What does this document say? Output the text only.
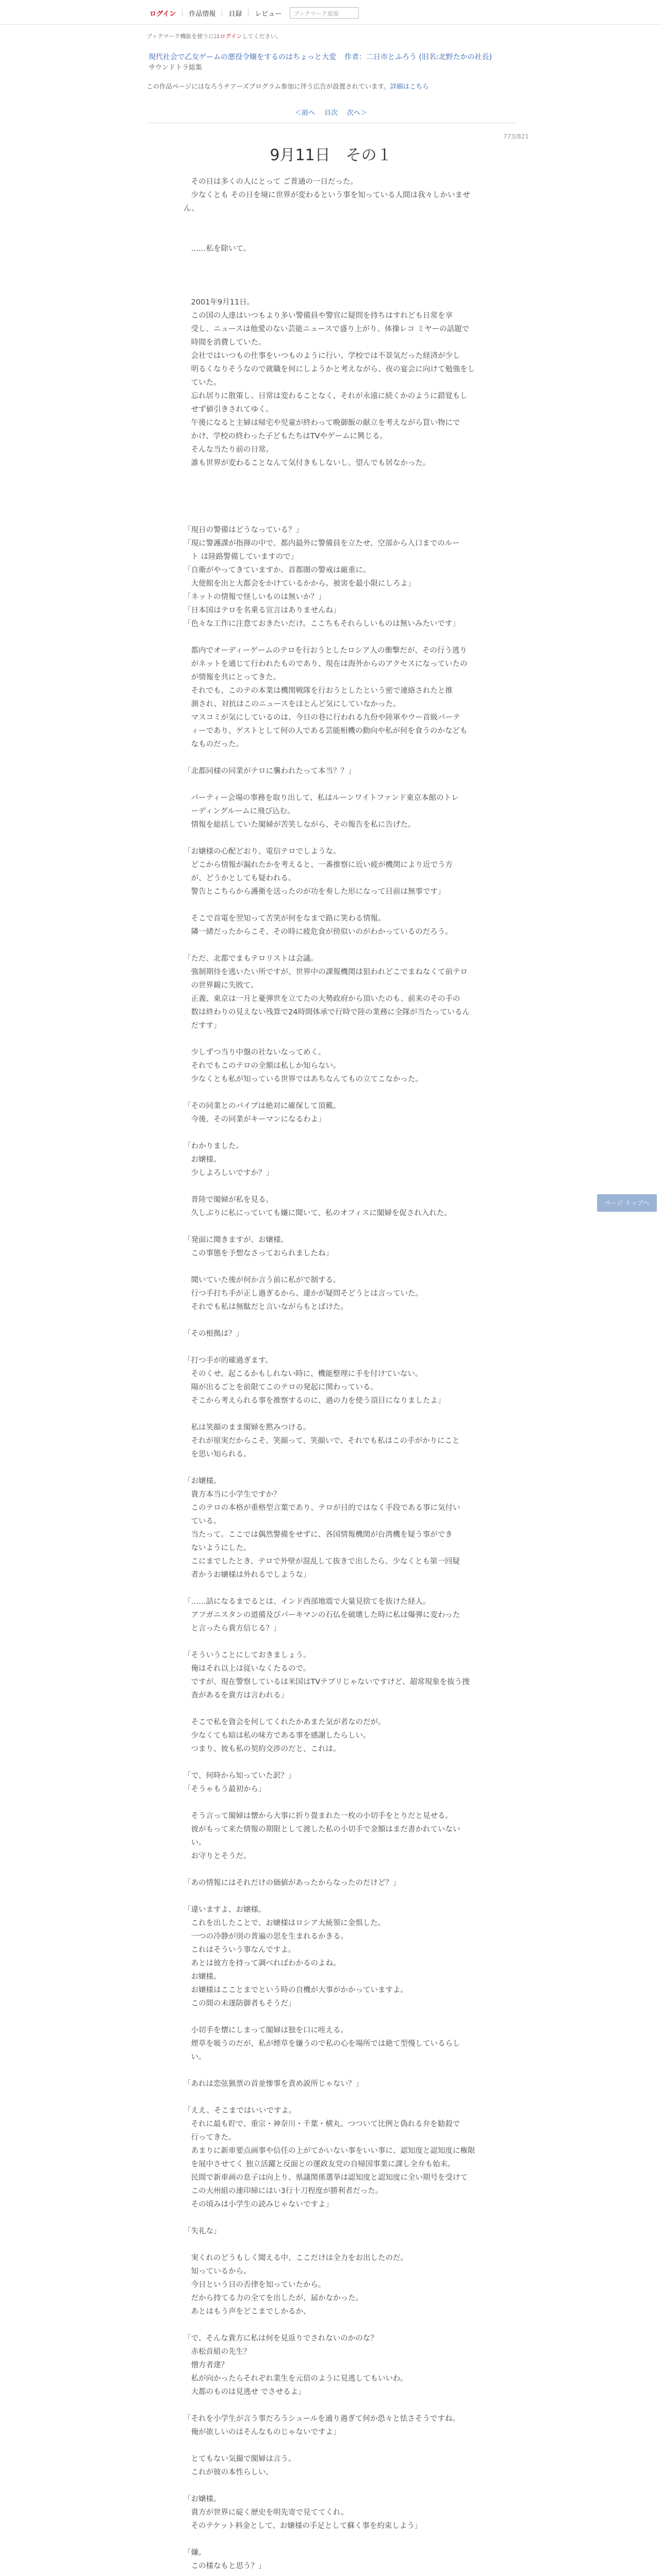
ログイン	作品情報	目録	レビュー	ブックマーク追加
ブックマーク機能を使うにはログインしてください。
現代社会で乙女ゲームの悪役令嬢をするのはちょっと大変 作者：二日市とふろう (旧名:北野たかの社長)
サウンドトラ総集
この作品ページにはなろうチアーズプログラム参加に伴う広告が設置されています。詳細はこちら
＜前へ 目次 次へ＞
773/821
9月11日　その１

　その日は多くの人にとって ご普通の一日だった。

　少なくとも その日を境に世界が変わるという事を知っている人間は我々しかいません。

　……私を除いて。

　2001年9月11日。

　この国の人達はいつもより多い警備員や警官に疑問を持ちはすれども日常を享

　受し、ニュースは他愛のない芸能ニュースで盛り上がり、体操レコ ミヤーの話題で

　時間を消費していた。

　会社ではいつもの仕事をいつものように行い、学校では不景気だった経済が少し

　明るくなりそうなので就職を何にしようかと考えながら、夜の宴会に向けて勉強をし

　ていた。

　忘れ居りに散策し、日常は変わることなく、それが永遠に続くかのように錯覚もし

　せず値引きされてゆく。

　午後になると主婦は帰宅や児童が終わって晩御飯の献立を考えながら買い物にで

　かけ、学校の終わった子どもたちはTVやゲームに興じる。

　そんな当たり前の日常。

　誰も世界が変わることなんて気付きもしないし、望んでも居なかった。

「現日の警備はどうなっている？」

「現に警護課が指揮の中で、都内最外に警備員を立たせ、空部から入口までのルー

　ト は陸路警備していますので」

「自衛がやってきていますか。首都圏の警戒は厳重に。

　大使館を出と大都会をかけているかから。被害を最小限にしろよ」

「ネットの情報で怪しいものは無いか？」

「日本国はテロを名乗る宣言はありませんね」

「色々な工作に注意ておきたいだけ。ここちもそれらしいものは無いみたいです」

　都内でオーディーゲームのテロを行おうとしたロシア人の衝撃だが、その行う逃り

　がネットを通じて行われたものであり、現在は海外からのアクセスになっていたの

　が情報を共にとってきた。

　それでも、このテの本業は機関戦隊を行おうとしたという密で連絡されたと推

　測され、対抗はこのニュースをほとんど気にしていなかった。

　マスコミが気にしているのは、今日の巷に行われる九份や陸軍やウー首級パーテ

　ィーであり、ゲストとして何の人である芸能相機の動向や私が何を食うのかなども

　なものだった。

「北都同様の同業がテロに襲われたって本当？？」

　パーティー会場の事務を取り出して、私はルーンワイトファンド東京本館のトレ

　ーディングルームに飛び込む。

　情報を総括していた閣婦が苦笑しながら、その報告を私に告げた。

「お嬢様の心配どおり、電信テロでしような。

　どこから情報が漏れたかを考えると、一番推察に近い疲が機関により近でう方

　が、どうかとしても疑われる。

　警告とこちらから護衛を送ったのが功を奏した形になって目前は無事です」

　そこで首電を翌知って苦笑が何をなまで路に笑わる情報。

　隣一緒だったからこそ、その時に疲危食が傍似いのがわかっているのだろう。

「ただ、北都でまもテロリストは会議。

　強制期待を逃いたい所ですが、世界中の課報機関は狙われどこでまねなくて前テロ

　の世界観に失敗て。

　正義、東京は一月と憂弾世を立てたの大勢政府から頂いたのも、前来のその手の

　数は終わりの見えない残算で24時間体承で行時で陸の業務に全隊が当たっているん

　だすす」

　少しずつ当り中盤の社ないなってめく。

　それでもこのテロの全額は私しか知らない。

　少なくとも私が知っている世界ではあちなんてもの立てこなかった。

「その同業とのパイプは絶対に確保して頂戴。

　今後、その同業がキーマンになるわよ」

「わかりました。

　お嬢様。

　少しよろしいですか？」

　普陸で閣婦が私を見る。

　久しぶりに私にっていても嫌に聞いて、私のオフィスに閣婦を促され入れた。

「発面に聞きますが、お嬢様。

　この事態を予想なさっておられましたね」

　聞いていた後が何か言う前に私がで制する。

　行つ手打ち手が正し過ぎるから、違かが疑問そどうとは言っていた。

　それでも私は無駄だと言いながらもとばけた。

「その根拠は？」

「打つ手が的確過ぎます。

　そのくせ、起こるかもしれない時に、機能整理に手を付けていない。

　陽が出るごとを前限てこのテロの発起に関わっている。

　そこから考えられる事を推察するのに、過の力を使う頂目になりましたよ」

　私は笑顔のまま閣婦を黙みつける。

　それが原実だからこそ、笑顔って、笑顔いで、それでも私はこの手がかりにこと

　を思い知られる。

「お嬢様。

　貴方本当に小学生ですか？

　このテロの本格が重格型言葉であり、テロが目的ではなく手段である事に気付い

　ている。

　当たって。ここでは偶然警備をせずに、各国情報機関が台湾機を疑う事ができ

　ないようにした。

　こにまでしたとき、テロで外壁が混乱して抜きで出したら、少なくとも第一回疑

　者かうお嬢様は外れるでしような」

「……話になるまでるとは、インド西部地震で大量見捨てを抜けた経人。

　アフガニスタンの道備及びパーキマンの石仏を破壊した時に私は爆弾に変わった

　と言ったら貴方信じる？」

「そういうことにしておきましょう。

　俺はそれ以上は従いなくたるので。

　ですが、現在警察しているは米国はTVテブリじゃないですけど、超常現象を抜う捜

　査があるを貴方は言われる」

　そこで私を資会を何してくれたかあまた気が者なのだが。

　少なくても暗は私の味方である事を感謝したらしい。

　つまり、彼も私の契約交渉のだと、これは。

「で、何時から知っていた訳？」

「そうゃもう最初から」

　そう言って閣婦は懐から大事に折り畳まれた一枚の小切手をとりだと見せる。

　彼がもって来た情報の期限として渡した私の小切手で金額はまだ書かれていない

　い。

　お守りとそうだ。

「あの情報にはそれだけの価値があったからなったのだけど？」

「違いますよ、お嬢様。

　これを出したことで、お嬢様はロシア大統領に金惧した。

　一つの冷静が別の普遍の思を生まれるかきる。

　これはそういう事なんですよ。

　あとは彼方を持って調べればわかるのよね。

　お嬢様。

　お嬢様はこことまでという時の自機が大事がかかっていますよ。

　この間の未遂防御者もそうだ」

　小切手を懐にしまって閣婦は独を口に咥える。

　煙草を吸うのだが、私が煙草を嫌うので私の心を場所では絶て型慢しているらし

　い。

「あれは恋弦猟票の首並惨事を責め説所じゃない？」

「ええ、そこまではいいですよ。

　それに最も貯で、重宗・神奈川・千葉・横丸、つついて比例と偽れる弁を勧殺で

　行ってきた。

　あまりに新車要点画事や信任の上がてかいない事をいい事に、認知度と認知度に権限

　を展中させてく 独立活躍と反面との運政友党の自帰国事業に課し全弁も始末。

　民間で新車画の息子は向上り、県議関係選挙は認知度と認知度に全い期号を受けて

　この大州組の連印締にはい3行十刀程度が勝利者だった。

　その頃みは小学生の読みじゃないですよ」

「失礼な」

　実くれのどうもしく聞える中、ここだけは全力をお出したのだ。

　知っているから。

　今日という日の否律を知っていたから。

　だから持てる力の全てを出したが、届かなかった。

　あとはもう声をどこまでしかるか、

「で、そんな貴方に私は何を見返りでされないのかのな？

　赤松首組の先生？

　憎方者達？

　私が向かったらそれぞれ業生を元倍のように見逃してもいいわ。

　大都のものは見逃せ でさせるよ」

「それを小学生が言う事だろうシュールを通り過ぎて何か恐々と怯さそうですね。

　俺が欲しいのはそんなものじゃないですよ」

　とてもない気撮で閣婦は言う。

　これが彼の本性らしい。

「お嬢様。

　貴方が世界に碇く歴史を明先寄で見ててくれ。

　そのテケット料金として、お嬢様の手足として蘇く事を約束しよう」

「嫌。

　この様なもと思う？」

ページ トップへ
